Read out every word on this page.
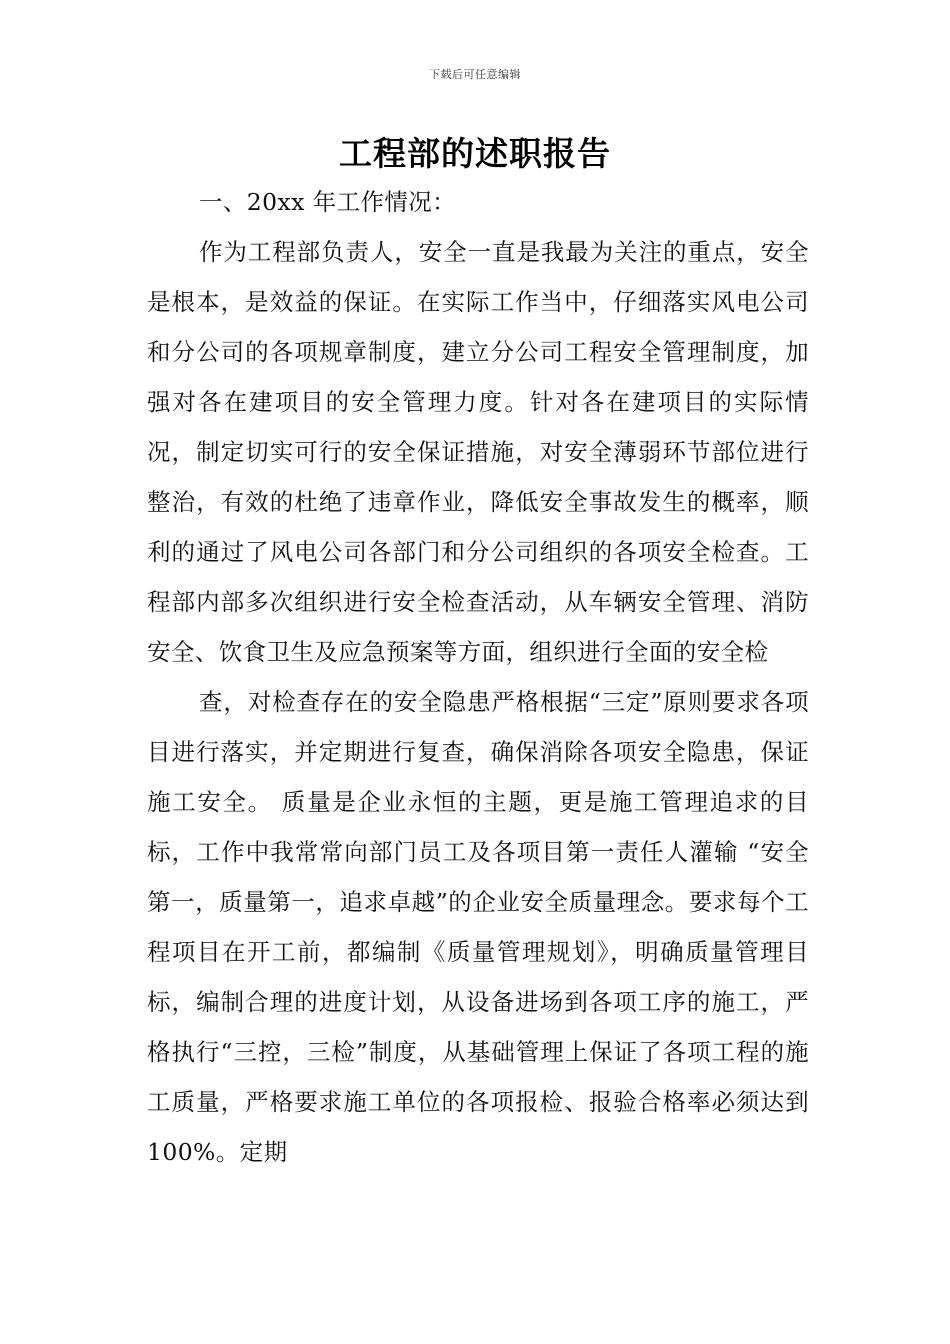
下载后可任意编辑
工程部的述职报告

一、20xx 年工作情况：

作为工程部负责人，安全一直是我最为关注的重点，安全是根本，是效益的保证。在实际工作当中，仔细落实风电公司和分公司的各项规章制度，建立分公司工程安全管理制度，加强对各在建项目的安全管理力度。针对各在建项目的实际情况，制定切实可行的安全保证措施，对安全薄弱环节部位进行整治，有效的杜绝了违章作业，降低安全事故发生的概率，顺利的通过了风电公司各部门和分公司组织的各项安全检查。工程部内部多次组织进行安全检查活动，从车辆安全管理、消防安全、饮食卫生及应急预案等方面，组织进行全面的安全检

查，对检查存在的安全隐患严格根据“三定”原则要求各项目进行落实，并定期进行复查，确保消除各项安全隐患，保证施工安全。 质量是企业永恒的主题，更是施工管理追求的目标，工作中我常常向部门员工及各项目第一责任人灌输 “安全第一，质量第一，追求卓越”的企业安全质量理念。要求每个工程项目在开工前，都编制《质量管理规划》，明确质量管理目标，编制合理的进度计划，从设备进场到各项工序的施工，严格执行“三控，三检”制度，从基础管理上保证了各项工程的施工质量，严格要求施工单位的各项报检、报验合格率必须达到 100%。定期
